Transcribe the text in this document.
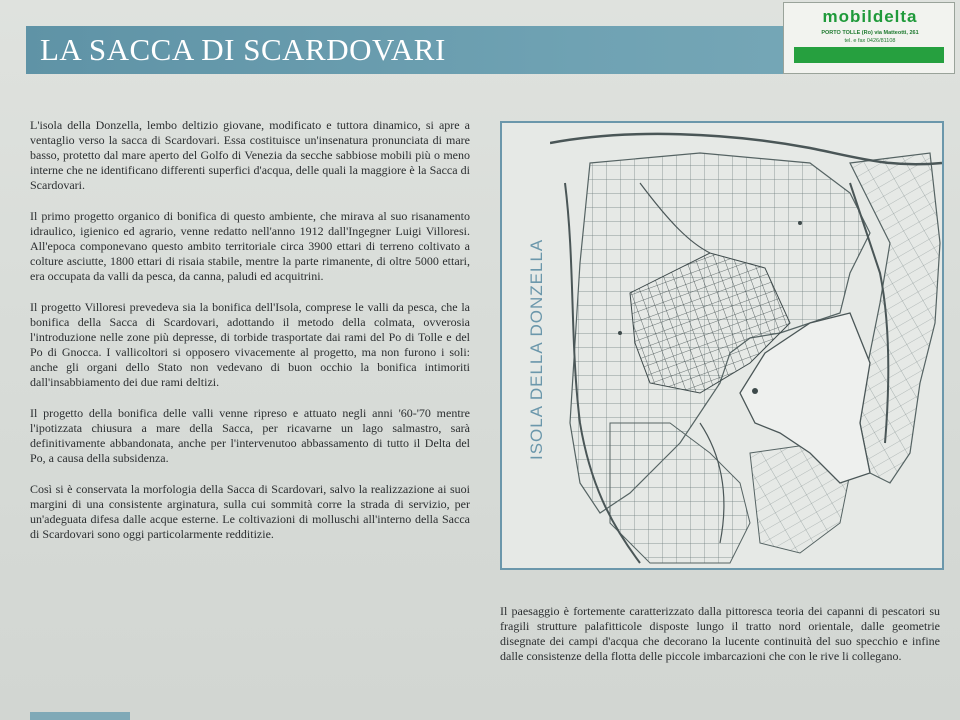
LA SACCA DI SCARDOVARI
mobildelta
PORTO TOLLE (Ro) via Matteotti, 261
tel. e fax 0426/81108

L'isola della Donzella, lembo deltizio giovane, modificato e tuttora dinamico, si apre a ventaglio verso la sacca di Scardovari. Essa costituisce un'insenatura pronunciata di mare basso, protetto dal mare aperto del Golfo di Venezia da secche sabbiose mobili più o meno interne che ne identificano differenti superfici d'acqua, delle quali la maggiore è la Sacca di Scardovari.

Il primo progetto organico di bonifica di questo ambiente, che mirava al suo risanamento idraulico, igienico ed agrario, venne redatto nell'anno 1912 dall'Ingegner Luigi Villoresi. All'epoca componevano questo ambito territoriale circa 3900 ettari di terreno coltivato a colture asciutte, 1800 ettari di risaia stabile, mentre la parte rimanente, di oltre 5000 ettari, era occupata da valli da pesca, da canna, paludi ed acquitrini.

Il progetto Villoresi prevedeva sia la bonifica dell'Isola, comprese le valli da pesca, che la bonifica della Sacca di Scardovari, adottando il metodo della colmata, ovverosia l'introduzione nelle zone più depresse, di torbide trasportate dai rami del Po di Tolle e del Po di Gnocca. I vallicoltori si opposero vivacemente al progetto, ma non furono i soli: anche gli organi dello Stato non vedevano di buon occhio la bonifica intimoriti dall'insabbiamento dei due rami deltizi.

Il progetto della bonifica delle valli venne ripreso e attuato negli anni '60-'70 mentre l'ipotizzata chiusura a mare della Sacca, per ricavarne un lago salmastro, sarà definitivamente abbandonata, anche per l'intervenutoo abbassamento di tutto il Delta del Po, a causa della subsidenza.

Così si è conservata la morfologia della Sacca di Scardovari, salvo la realizzazione ai suoi margini di una consistente arginatura, sulla cui sommità corre la strada di servizio, per un'adeguata difesa dalle acque esterne. Le coltivazioni di molluschi all'interno della Sacca di Scardovari sono oggi particolarmente redditizie.

ISOLA DELLA DONZELLA
Il paesaggio è fortemente caratterizzato dalla pittoresca teoria dei capanni di pescatori su fragili strutture palafitticole disposte lungo il tratto nord orientale, dalle geometrie disegnate dei campi d'acqua che decorano la lucente continuità del suo specchio e infine dalle consistenze della flotta delle piccole imbarcazioni che con le rive li collegano.
